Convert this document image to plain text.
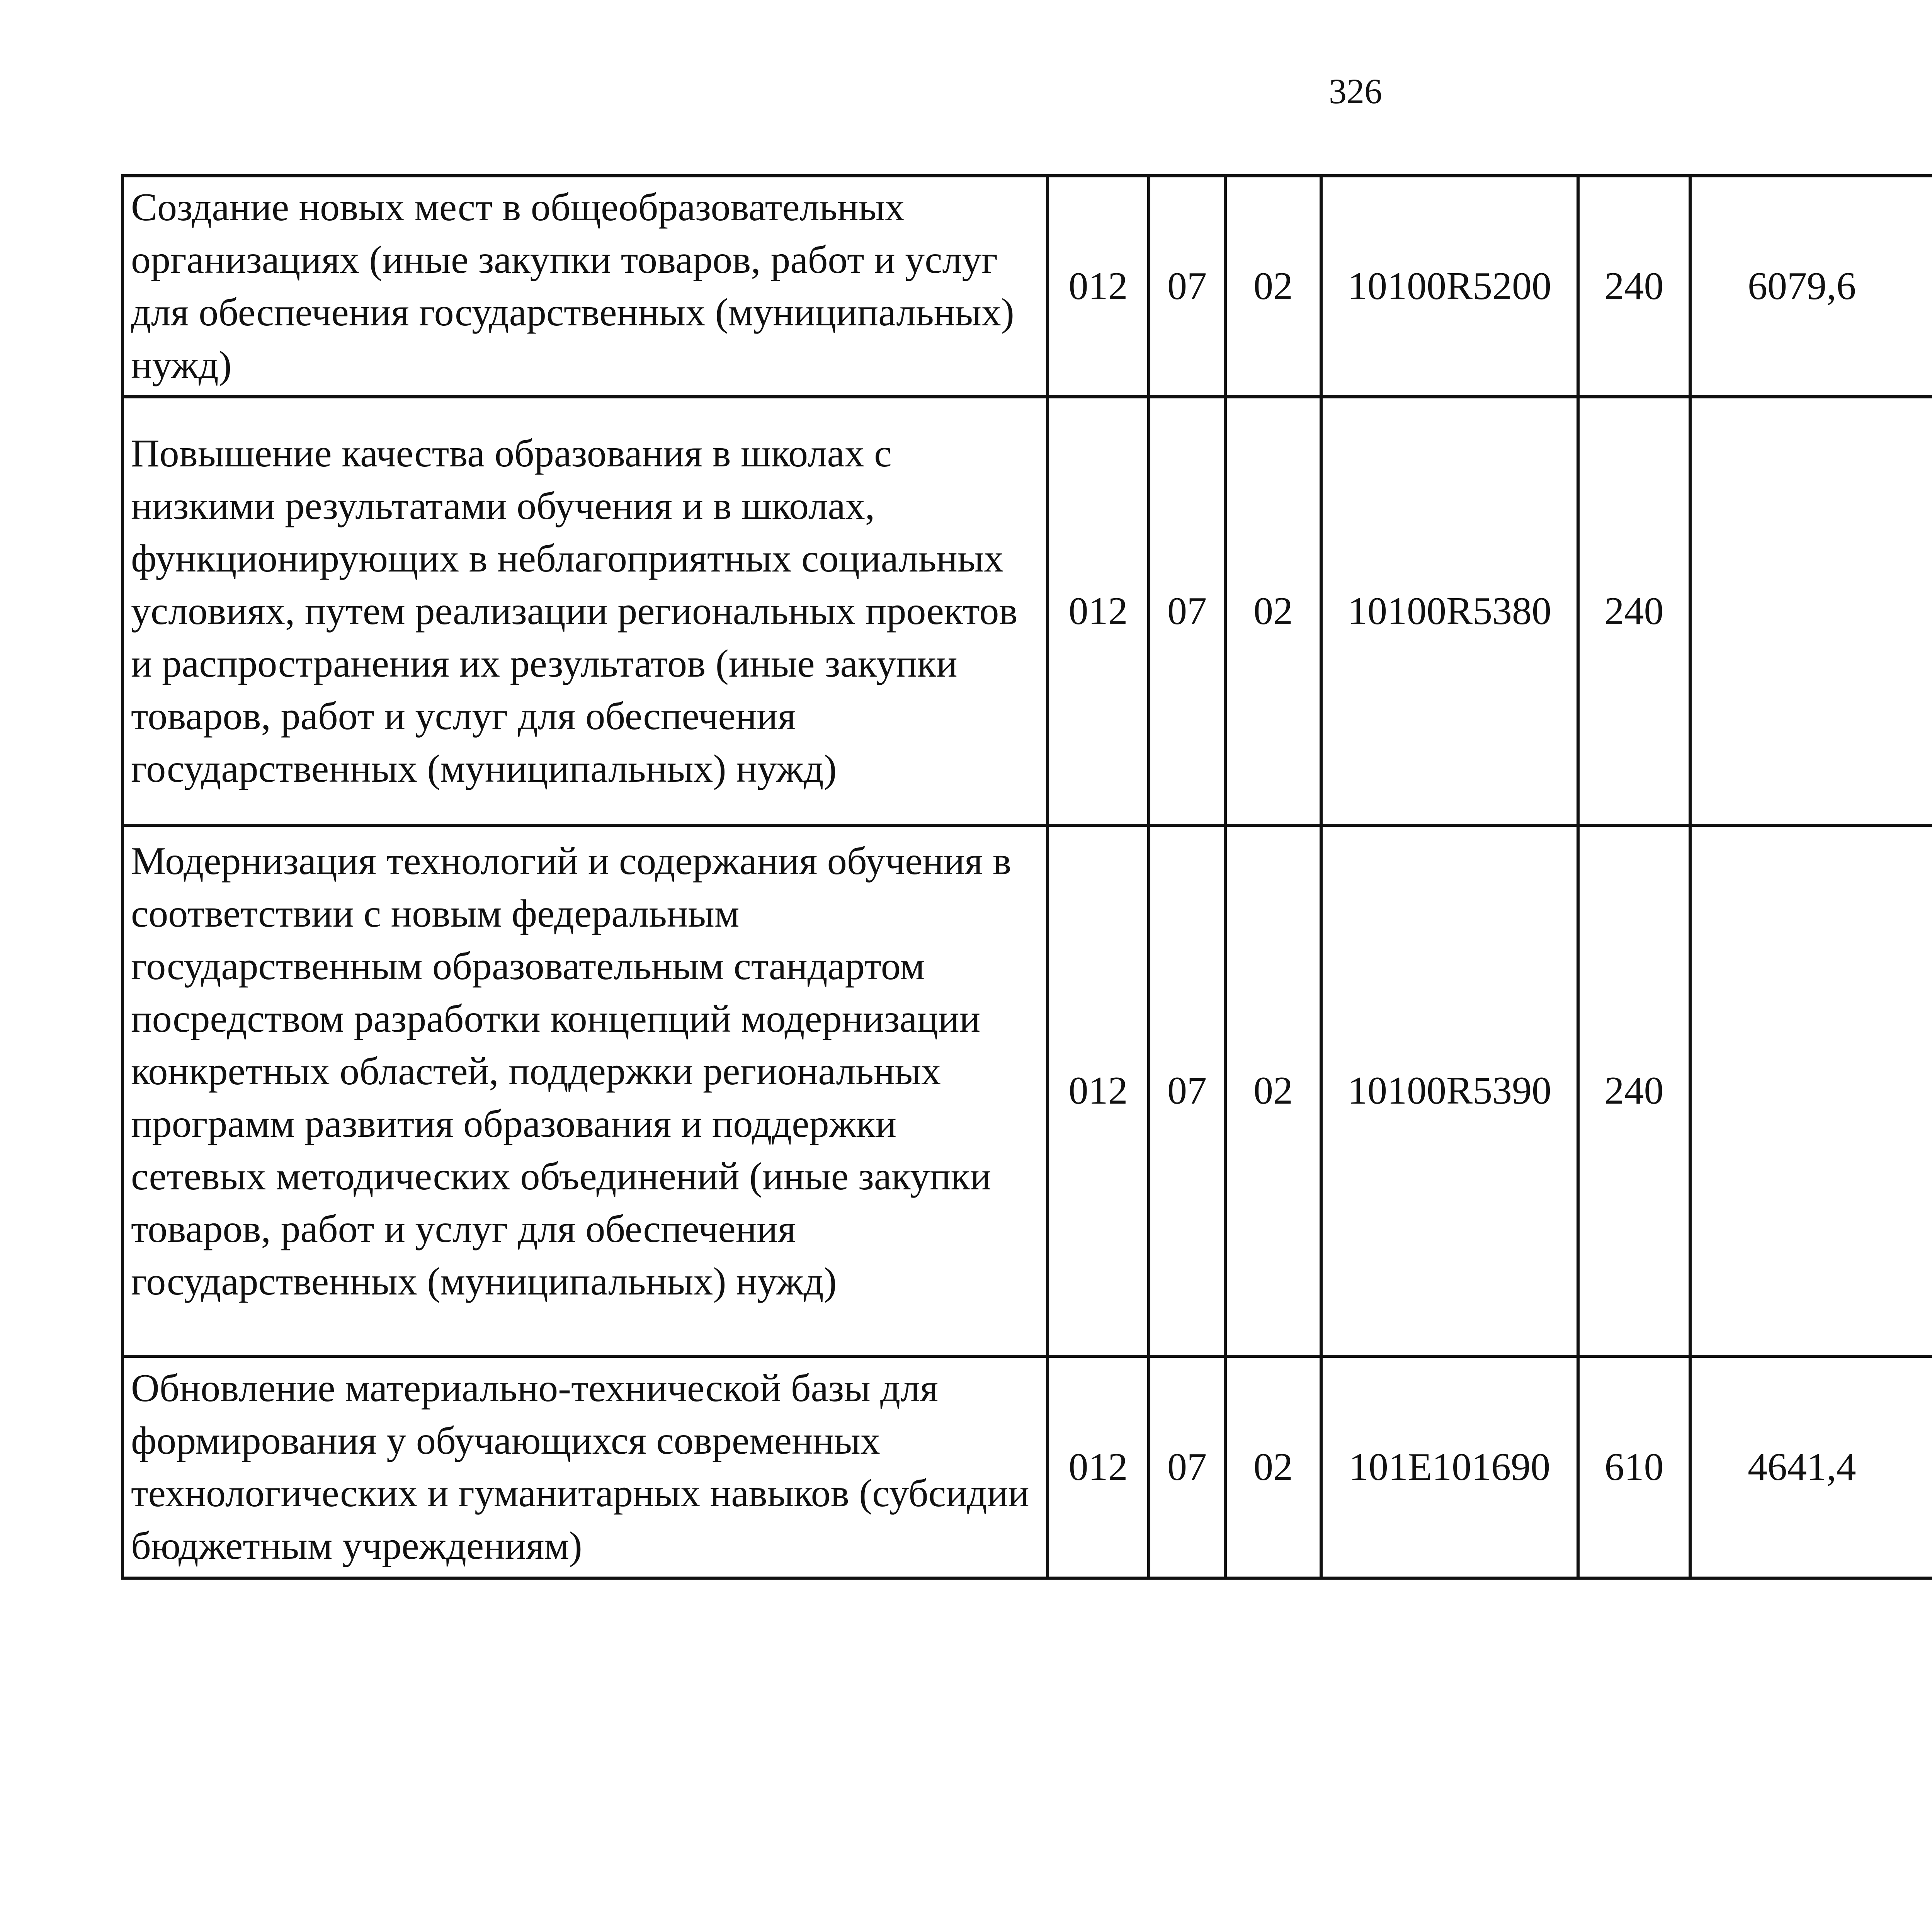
326
Создание новых мест в общеобразовательных организациях (иные закупки товаров, работ и услуг для обеспечения государственных (муниципальных) нужд)	012	07	02	10100R5200	240	6079,6		

Повышение качества образования в школах с низкими результатами обучения и в школах, функционирующих в неблагоприятных социальных условиях, путем реализации региональных проектов и распространения их результатов (иные закупки товаров, работ и услуг для обеспечения государственных (муниципальных) нужд)	012	07	02	10100R5380	240			

Модернизация технологий и содержания обучения в соответствии с новым федеральным государственным образовательным стандартом посредством разработки концепций модернизации конкретных областей, поддержки региональных программ развития образования и поддержки сетевых методических объединений (иные закупки товаров, работ и услуг для обеспечения государственных (муниципальных) нужд)	012	07	02	10100R5390	240			

Обновление материально-технической базы для формирования у обучающихся современных технологических и гуманитарных навыков (субсидии бюджетным учреждениям)	012	07	02	101E101690	610	4641,4		
